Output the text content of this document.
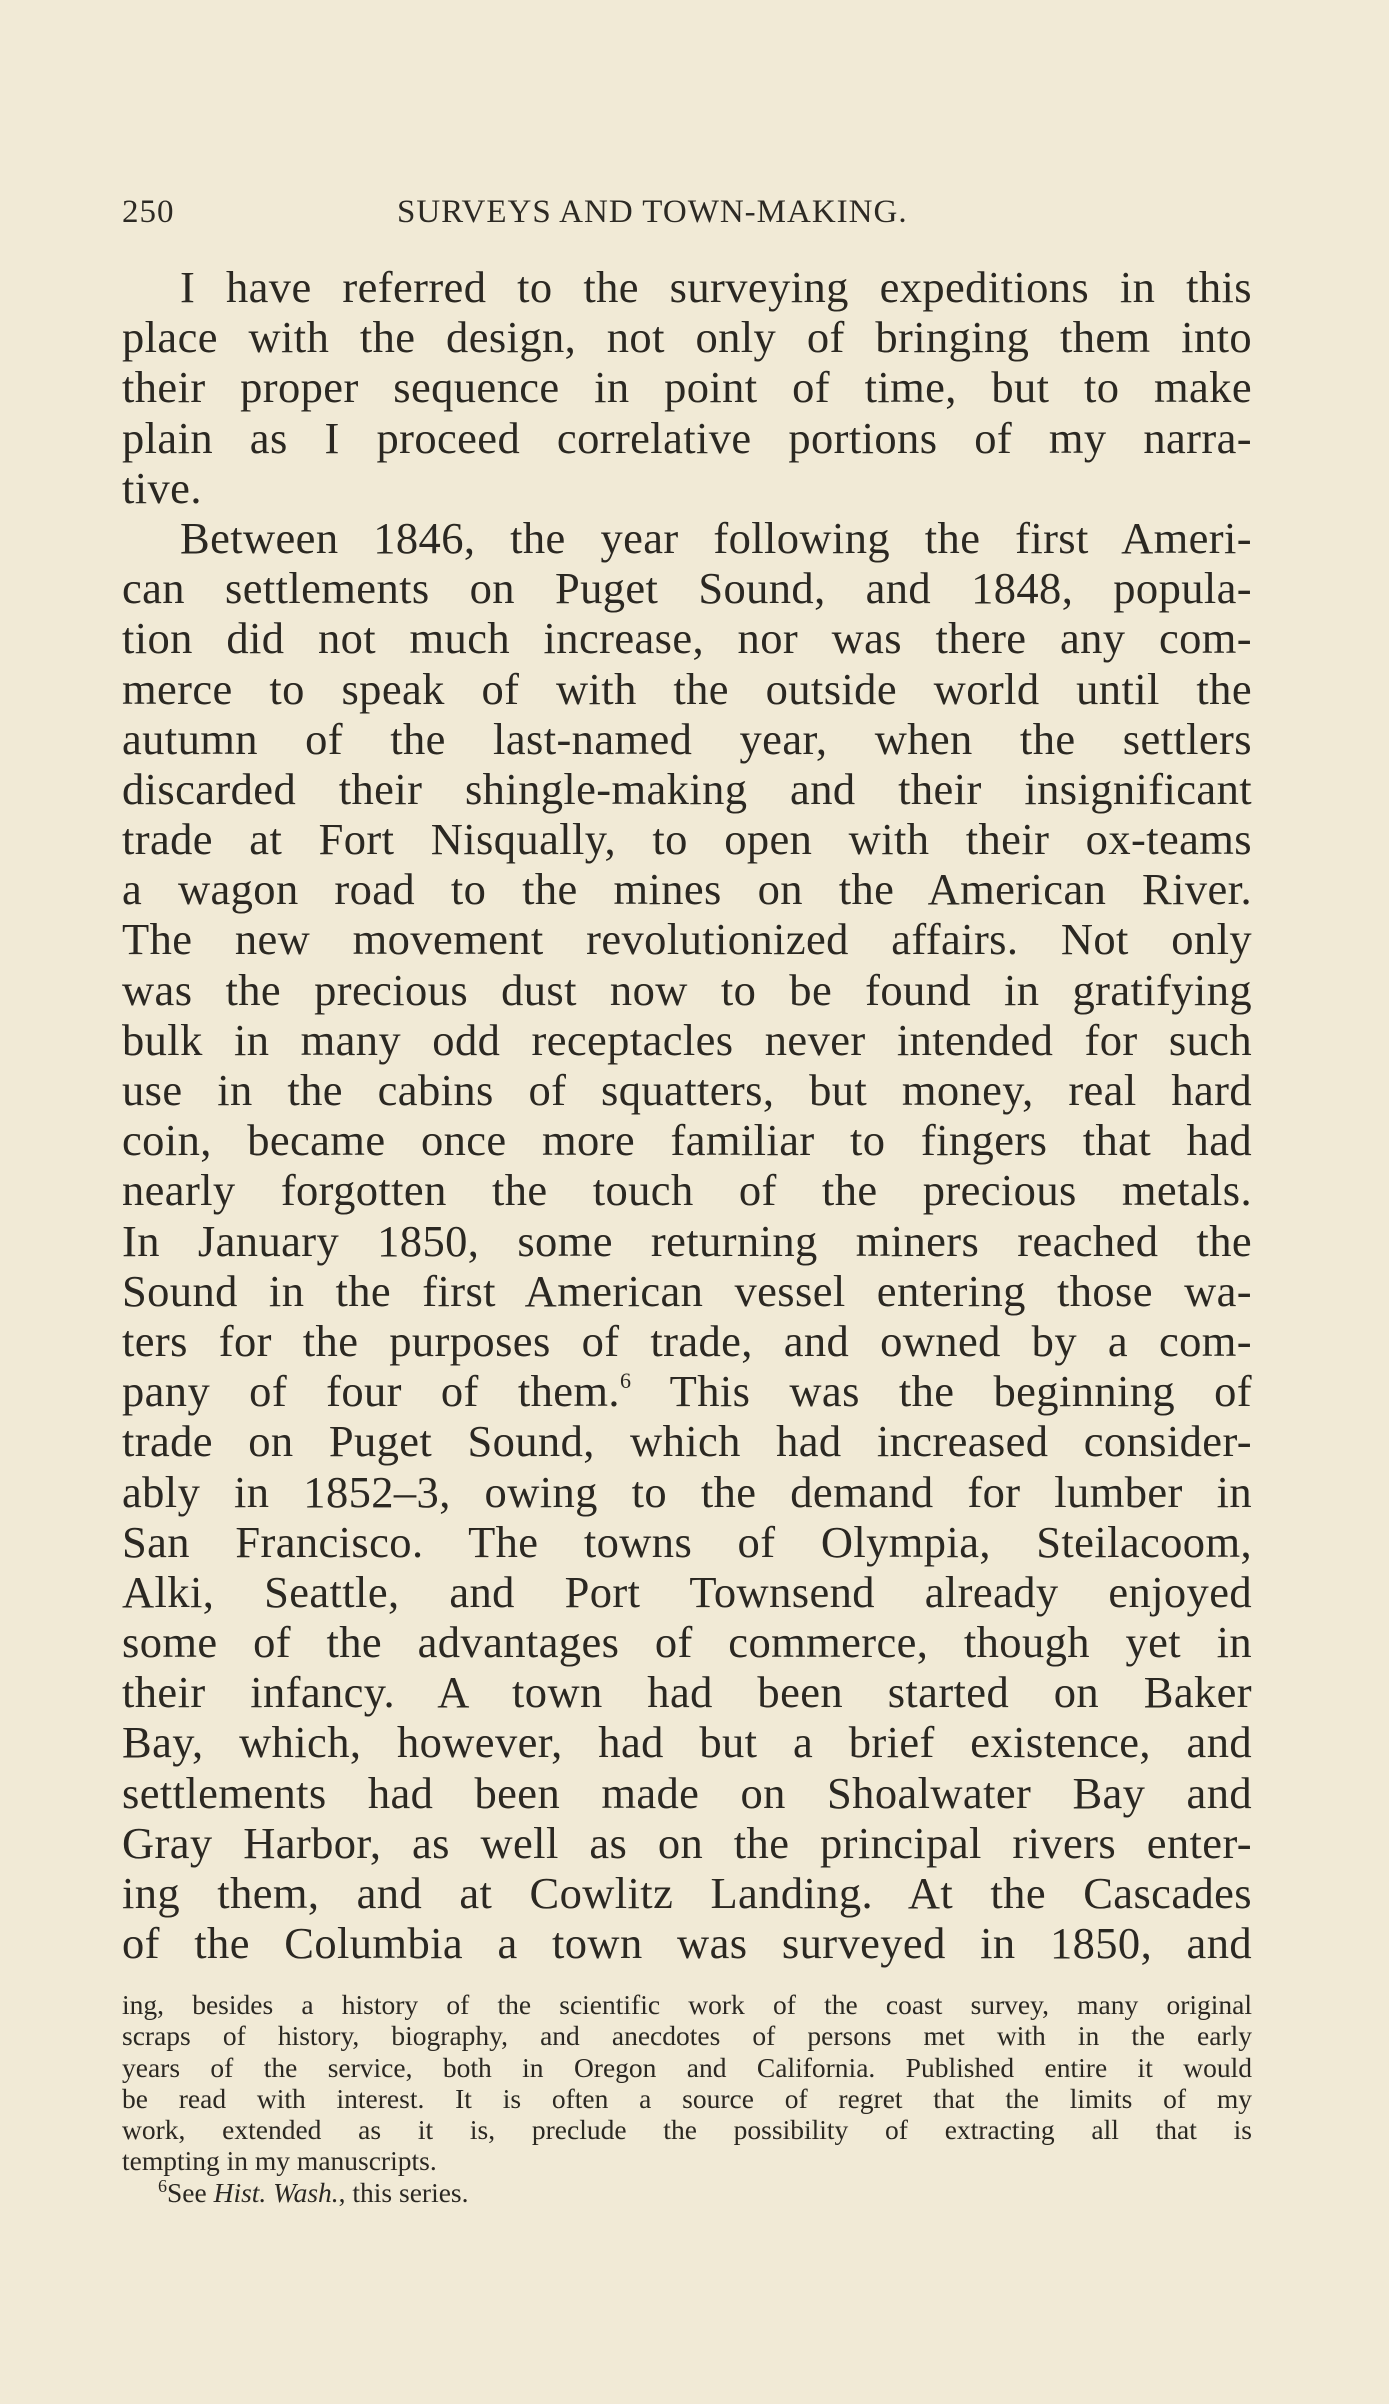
250	SURVEYS AND TOWN-MAKING.
I have referred to the surveying expeditions in this
place with the design, not only of bringing them into
their proper sequence in point of time, but to make
plain as I proceed correlative portions of my narra-
tive.
Between 1846, the year following the first Ameri-
can settlements on Puget Sound, and 1848, popula-
tion did not much increase, nor was there any com-
merce to speak of with the outside world until the
autumn of the last-named year, when the settlers
discarded their shingle-making and their insignificant
trade at Fort Nisqually, to open with their ox-teams
a wagon road to the mines on the American River.
The new movement revolutionized affairs. Not only
was the precious dust now to be found in gratifying
bulk in many odd receptacles never intended for such
use in the cabins of squatters, but money, real hard
coin, became once more familiar to fingers that had
nearly forgotten the touch of the precious metals.
In January 1850, some returning miners reached the
Sound in the first American vessel entering those wa-
ters for the purposes of trade, and owned by a com-
pany of four of them.$^6$ This was the beginning of
trade on Puget Sound, which had increased consider-
ably in 1852–3, owing to the demand for lumber in
San Francisco. The towns of Olympia, Steilacoom,
Alki, Seattle, and Port Townsend already enjoyed
some of the advantages of commerce, though yet in
their infancy. A town had been started on Baker
Bay, which, however, had but a brief existence, and
settlements had been made on Shoalwater Bay and
Gray Harbor, as well as on the principal rivers enter-
ing them, and at Cowlitz Landing. At the Cascades
of the Columbia a town was surveyed in 1850, and
ing, besides a history of the scientific work of the coast survey, many original
scraps of history, biography, and anecdotes of persons met with in the early
years of the service, both in Oregon and California. Published entire it would
be read with interest. It is often a source of regret that the limits of my
work, extended as it is, preclude the possibility of extracting all that is
tempting in my manuscripts.
$^6$See Hist. Wash., this series.
